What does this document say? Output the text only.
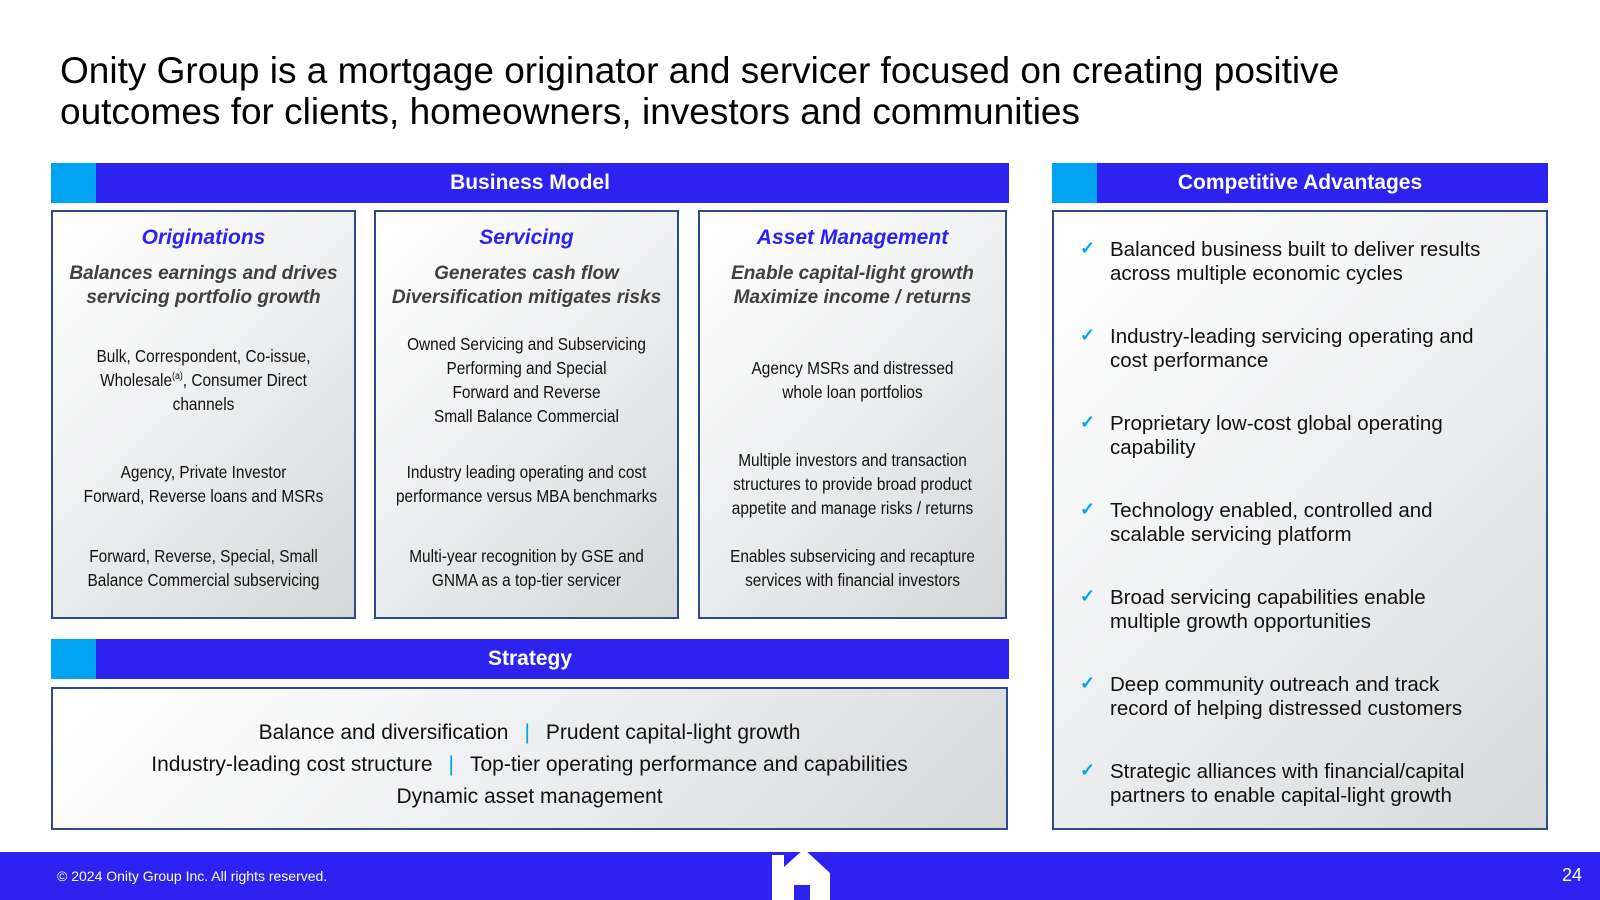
Onity Group is a mortgage originator and servicer focused on creating positive
outcomes for clients, homeowners, investors and communities
Business Model
Originations
Balances earnings and drives
servicing portfolio growth
Bulk, Correspondent, Co-issue,
Wholesale$^{(a)}$, Consumer Direct
channels
Agency, Private Investor
Forward, Reverse loans and MSRs
Forward, Reverse, Special, Small
Balance Commercial subservicing
Servicing
Generates cash flow
Diversification mitigates risks
Owned Servicing and Subservicing
Performing and Special
Forward and Reverse
Small Balance Commercial
Industry leading operating and cost
performance versus MBA benchmarks
Multi-year recognition by GSE and
GNMA as a top-tier servicer
Asset Management
Enable capital-light growth
Maximize income / returns
Agency MSRs and distressed
whole loan portfolios
Multiple investors and transaction
structures to provide broad product
appetite and manage risks / returns
Enables subservicing and recapture
services with financial investors
Strategy
Balance and diversification | Prudent capital-light growth
Industry-leading cost structure | Top-tier operating performance and capabilities
Dynamic asset management
Competitive Advantages
✓ Balanced business built to deliver results
across multiple economic cycles
✓ Industry-leading servicing operating and
cost performance
✓ Proprietary low-cost global operating
capability
✓ Technology enabled, controlled and
scalable servicing platform
✓ Broad servicing capabilities enable
multiple growth opportunities
✓ Deep community outreach and track
record of helping distressed customers
✓ Strategic alliances with financial/capital
partners to enable capital-light growth
© 2024 Onity Group Inc. All rights reserved.	24
